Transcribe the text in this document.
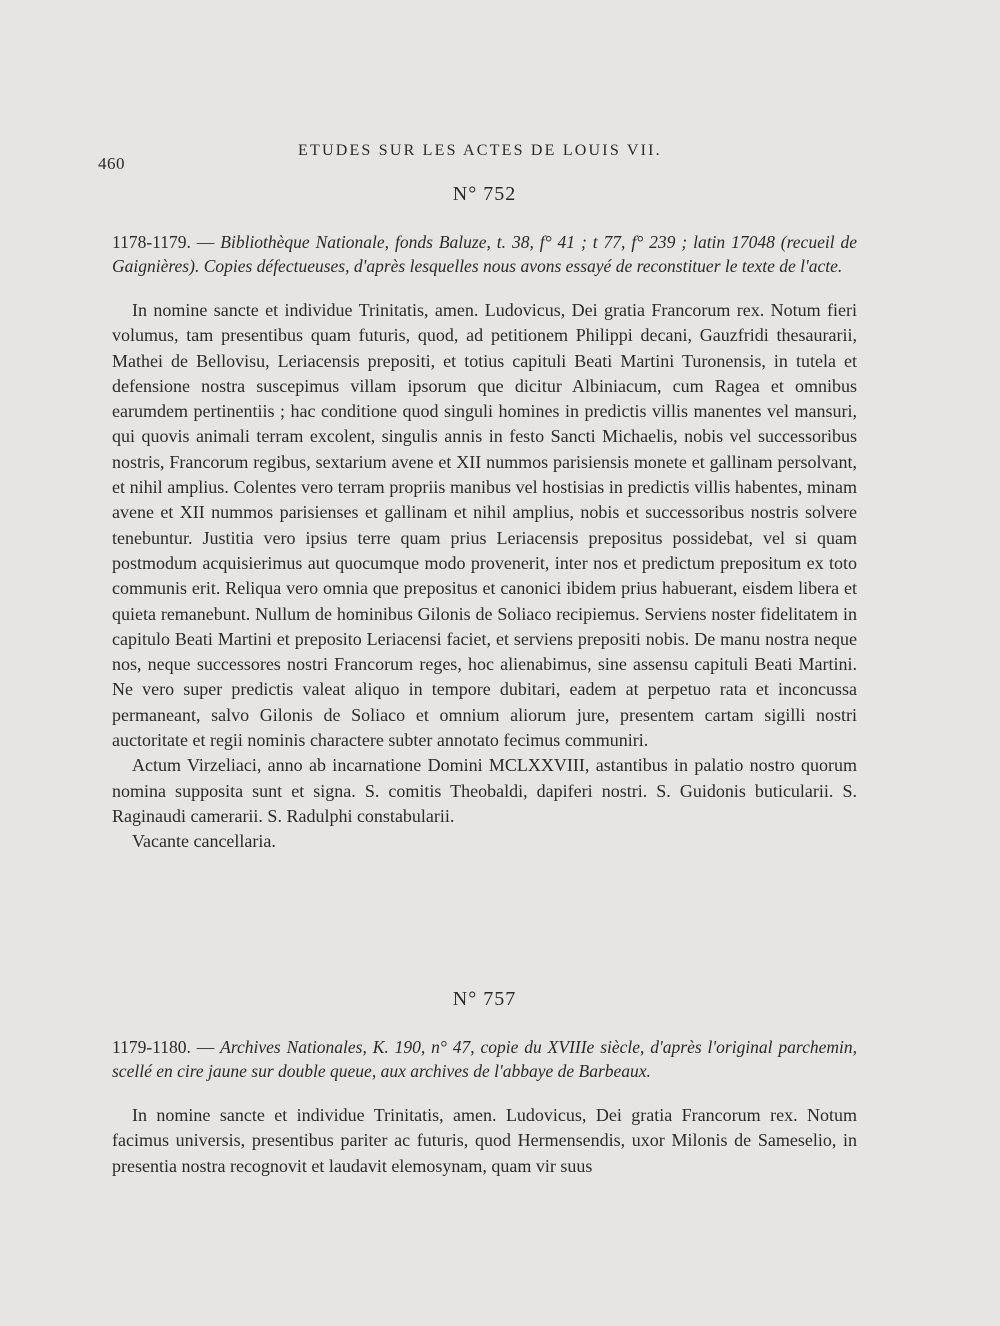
460
ETUDES SUR LES ACTES DE LOUIS VII.
N° 752
1178-1179. — Bibliothèque Nationale, fonds Baluze, t. 38, f° 41 ; t 77, f° 239 ; latin 17048 (recueil de Gaignières). Copies défectueuses, d'après lesquelles nous avons essayé de reconstituer le texte de l'acte.

In nomine sancte et individue Trinitatis, amen. Ludovicus, Dei gratia Francorum rex. Notum fieri volumus, tam presentibus quam futuris, quod, ad petitionem Philippi decani, Gauzfridi thesaurarii, Mathei de Bellovisu, Leriacensis prepositi, et totius capituli Beati Martini Turonensis, in tutela et defensione nostra suscepimus villam ipsorum que dicitur Albiniacum, cum Ragea et omnibus earumdem pertinentiis ; hac conditione quod singuli homines in predictis villis manentes vel mansuri, qui quovis animali terram excolent, singulis annis in festo Sancti Michaelis, nobis vel successoribus nostris, Francorum regibus, sextarium avene et XII nummos parisiensis monete et gallinam persolvant, et nihil amplius. Colentes vero terram propriis manibus vel hostisias in predictis villis habentes, minam avene et XII nummos parisienses et gallinam et nihil amplius, nobis et successoribus nostris solvere tenebuntur. Justitia vero ipsius terre quam prius Leriacensis prepositus possidebat, vel si quam postmodum acquisierimus aut quocumque modo provenerit, inter nos et predictum prepositum ex toto communis erit. Reliqua vero omnia que prepositus et canonici ibidem prius habuerant, eisdem libera et quieta remanebunt. Nullum de hominibus Gilonis de Soliaco recipiemus. Serviens noster fidelitatem in capitulo Beati Martini et preposito Leriacensi faciet, et serviens prepositi nobis. De manu nostra neque nos, neque successores nostri Francorum reges, hoc alienabimus, sine assensu capituli Beati Martini. Ne vero super predictis valeat aliquo in tempore dubitari, eadem at perpetuo rata et inconcussa permaneant, salvo Gilonis de Soliaco et omnium aliorum jure, presentem cartam sigilli nostri auctoritate et regii nominis charactere subter annotato fecimus communiri.

Actum Virzeliaci, anno ab incarnatione Domini MCLXXVIII, astantibus in palatio nostro quorum nomina supposita sunt et signa. S. comitis Theobaldi, dapiferi nostri. S. Guidonis buticularii. S. Raginaudi camerarii. S. Radulphi constabularii.

Vacante cancellaria.

N° 757
1179-1180. — Archives Nationales, K. 190, n° 47, copie du XVIIIe siècle, d'après l'original parchemin, scellé en cire jaune sur double queue, aux archives de l'abbaye de Barbeaux.

In nomine sancte et individue Trinitatis, amen. Ludovicus, Dei gratia Francorum rex. Notum facimus universis, presentibus pariter ac futuris, quod Hermensendis, uxor Milonis de Sameselio, in presentia nostra recognovit et laudavit elemosynam, quam vir suus
